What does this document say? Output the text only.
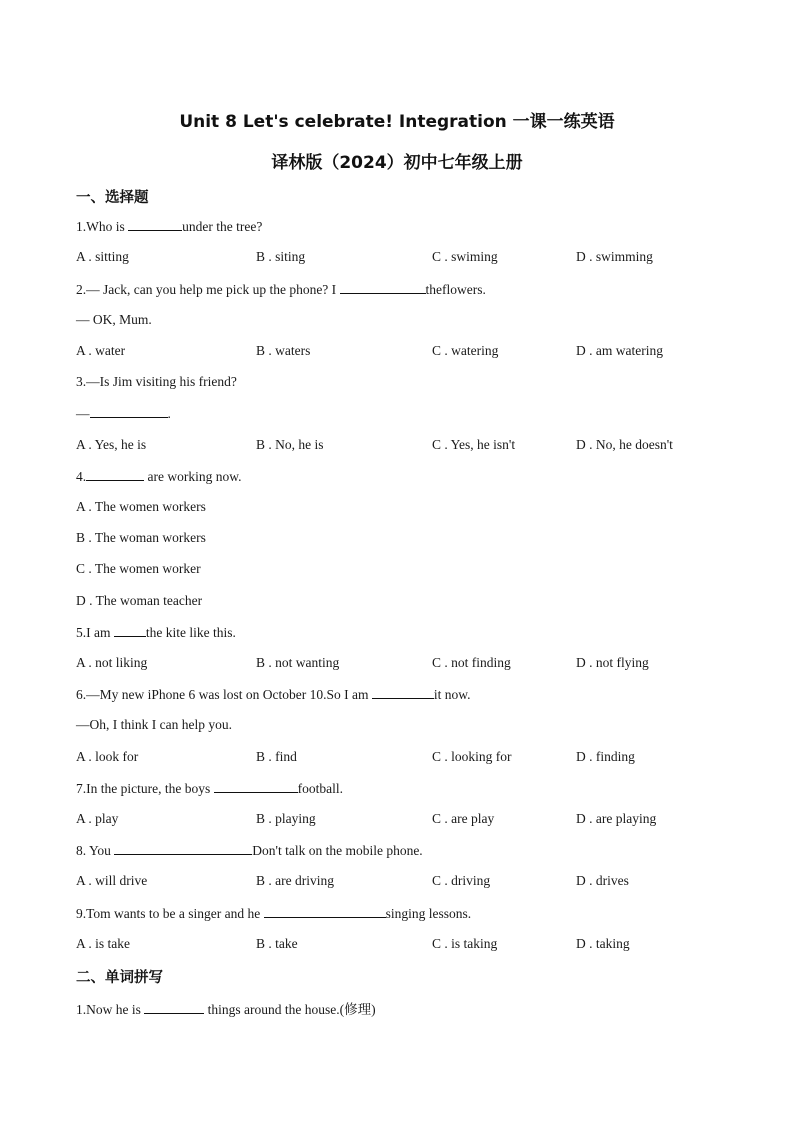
Unit 8 Let's celebrate! Integration 一课一练英语
译林版（2024）初中七年级上册
一、选择题
1.Who is	under the tree?
A . sitting	B . siting	C . swiming	D . swimming
2.— Jack, can you help me pick up the phone? I	theflowers.
— OK, Mum.
A . water	B . waters	C . watering	D . am watering
3.—Is Jim visiting his friend?
—	.
A . Yes, he is	B . No, he is	C . Yes, he isn't	D . No, he doesn't
4.	are working now.
A . The women workers
B . The woman workers
C . The women worker
D . The woman teacher
5.I am the kite like this.
A . not liking	B . not wanting	C . not finding	D . not flying
6.—My new iPhone 6 was lost on October 10.So I am	it now.
—Oh, I think I can help you.
A . look for	B . find	C . looking for	D . finding
7.In the picture, the boys	football.
A . play	B . playing	C . are play	D . are playing
8. You	Don't talk on the mobile phone.
A . will drive	B . are driving	C . driving	D . drives
9.Tom wants to be a singer and he	singing lessons.
A . is take	B . take	C . is taking	D . taking
二、单词拼写
1.Now he is	things around the house.(修理)
